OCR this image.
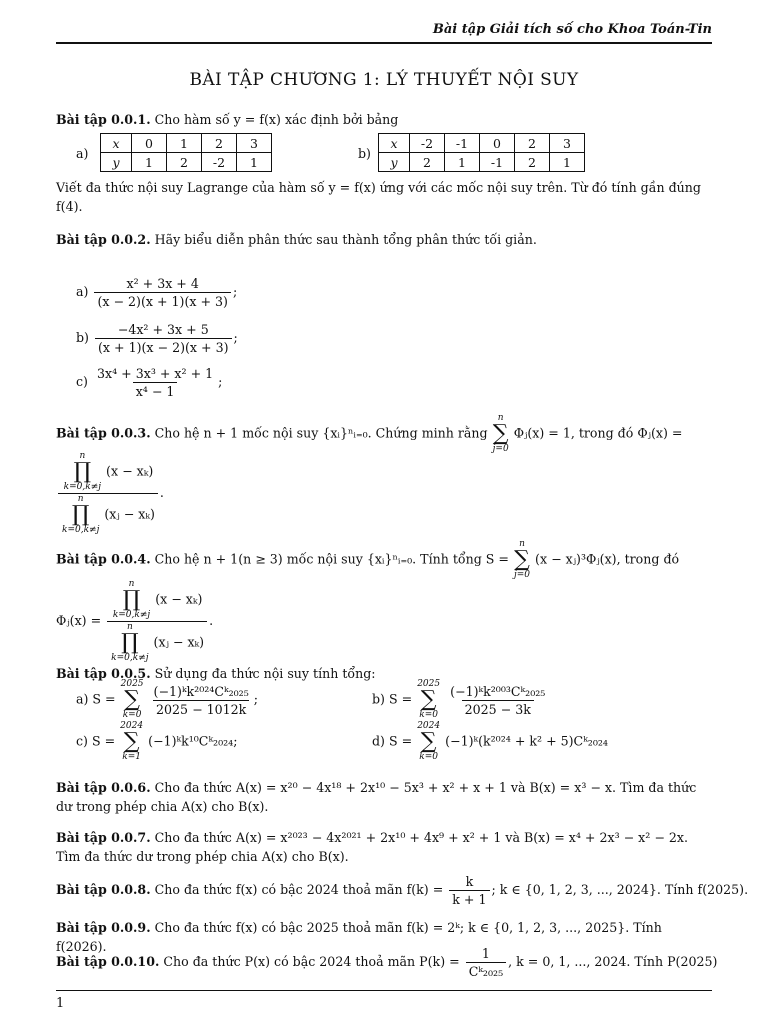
Bài tập Giải tích số cho Khoa Toán-Tin
BÀI TẬP CHƯƠNG 1: LÝ THUYẾT NỘI SUY
Bài tập 0.0.1. Cho hàm số y = f(x) xác định bởi bảng
a)
x	0	1	2	3
y	1	2	-2	1
b)
x	-2	-1	0	2	3
y	2	1	-1	2	1
Viết đa thức nội suy Lagrange của hàm số y = f(x) ứng với các mốc nội suy trên. Từ đó tính gần đúng f(4).
Bài tập 0.0.2. Hãy biểu diễn phân thức sau thành tổng phân thức tối giản.
$a) \frac{\text{x² + 3x + 4}}{(x - 2)(x + 1)(x + 3)}$ ;
$b) \frac{\text{−4x² + 3x + 5}}{(x + 1)(x - 2)(x + 3)}$ ;
$c) \frac{\text{3x⁴ + 3x³ + x² + 1}}{\text{x⁴ − 1}}$ ;
Bài tập 0.0.3. Cho hệ n + 1 mốc nội suy {xᵢ}ⁿᵢ₌₀. Chứng minh rằng
n
∑
j=0
Φⱼ(x) = 1, trong đó Φⱼ(x) =
n
∏
k=0,k≠j
(x − xₖ)
n
∏
k=0,k≠j
(xⱼ − xₖ) .
Bài tập 0.0.4. Cho hệ n + 1(n ≥ 3) mốc nội suy {xᵢ}ⁿᵢ₌₀. Tính tổng S =
n
∑
j=0
(x − xⱼ)³Φⱼ(x), trong đó
Φⱼ(x) = n
∏
k=0,k≠j
(x − xₖ)
n
∏
k=0,k≠j
(xⱼ − xₖ) .
Bài tập 0.0.5. Sử dụng đa thức nội suy tính tổng:
a) S =
2025
∑
k=0
$\frac{\text{(−1)ᵏk²⁰²⁴Cᵏ₂₀₂₅}}{2025 - 1012k}$ ;	b) S =
2025
∑
k=0
$\frac{\text{(−1)ᵏk²⁰⁰³Cᵏ₂₀₂₅}}{2025 - 3k}$
c) S =
2024
∑
k=1
(−1)ᵏk¹⁰Cᵏ₂₀₂₄;	d) S =
2024
∑
k=0
(−1)ᵏ(k²⁰²⁴ + k² + 5)Cᵏ₂₀₂₄
Bài tập 0.0.6. Cho đa thức A(x) = x²⁰ − 4x¹⁸ + 2x¹⁰ − 5x³ + x² + x + 1 và B(x) = x³ − x. Tìm đa thức dư trong phép chia A(x) cho B(x).
Bài tập 0.0.7. Cho đa thức A(x) = x²⁰²³ − 4x²⁰²¹ + 2x¹⁰ + 4x⁹ + x² + 1 và B(x) = x⁴ + 2x³ − x² − 2x. Tìm đa thức dư trong phép chia A(x) cho B(x).
Bài tập 0.0.8. Cho đa thức f(x) có bậc 2024 thoả mãn $f(k) = \frac{k}{k + 1}$ ; k ∈ {0, 1, 2, 3, ..., 2024}. Tính f(2025).
Bài tập 0.0.9. Cho đa thức f(x) có bậc 2025 thoả mãn f(k) = 2ᵏ; k ∈ {0, 1, 2, 3, ..., 2025}. Tính f(2026).
Bài tập 0.0.10. Cho đa thức P(x) có bậc 2024 thoả mãn $P(k) = \frac{1}{\text{Cᵏ₂₀₂₅}}$ , k = 0, 1, ..., 2024. Tính P(2025)
1
